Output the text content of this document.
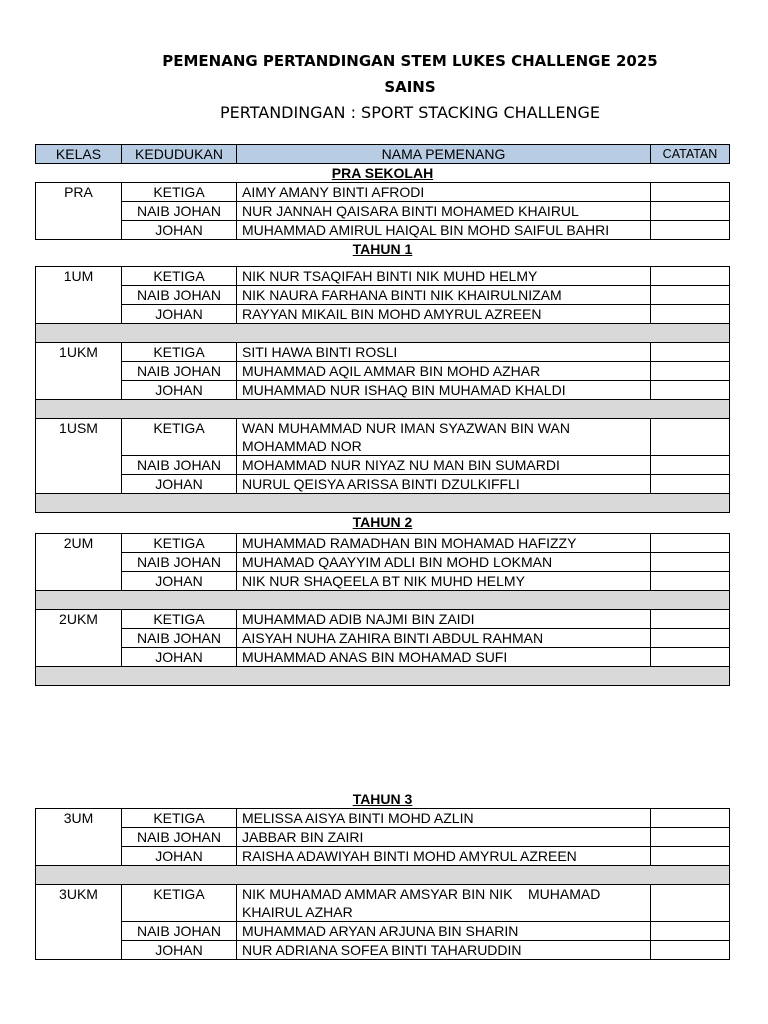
PEMENANG PERTANDINGAN STEM LUKES CHALLENGE 2025
SAINS
PERTANDINGAN : SPORT STACKING CHALLENGE
KELAS	KEDUDUKAN	NAMA PEMENANG	CATATAN
PRA SEKOLAH			
PRA	KETIGA	AIMY AMANY BINTI AFRODI	
	NAIB JOHAN	NUR JANNAH QAISARA BINTI MOHAMED KHAIRUL	
	JOHAN	MUHAMMAD AMIRUL HAIQAL BIN MOHD SAIFUL BAHRI	
TAHUN 1			

1UM	KETIGA	NIK NUR TSAQIFAH BINTI NIK MUHD HELMY	
	NAIB JOHAN	NIK NAURA FARHANA BINTI NIK KHAIRULNIZAM	
	JOHAN	RAYYAN MIKAIL BIN MOHD AMYRUL AZREEN	

1UKM	KETIGA	SITI HAWA BINTI ROSLI	
	NAIB JOHAN	MUHAMMAD AQIL AMMAR BIN MOHD AZHAR	
	JOHAN	MUHAMMAD NUR ISHAQ BIN MUHAMAD KHALDI	

1USM	KETIGA	WAN MUHAMMAD NUR IMAN SYAZWAN BIN WAN MOHAMMAD NOR	
	NAIB JOHAN	MOHAMMAD NUR NIYAZ NU MAN BIN SUMARDI	
	JOHAN	NURUL QEISYA ARISSA BINTI DZULKIFFLI	

TAHUN 2			
2UM	KETIGA	MUHAMMAD RAMADHAN BIN MOHAMAD HAFIZZY	
	NAIB JOHAN	MUHAMAD QAAYYIM ADLI BIN MOHD LOKMAN	
	JOHAN	NIK NUR SHAQEELA BT NIK MUHD HELMY	

2UKM	KETIGA	MUHAMMAD ADIB NAJMI BIN ZAIDI	
	NAIB JOHAN	AISYAH NUHA ZAHIRA BINTI ABDUL RAHMAN	
	JOHAN	MUHAMMAD ANAS BIN MOHAMAD SUFI	

TAHUN 3			
3UM	KETIGA	MELISSA AISYA BINTI MOHD AZLIN	
	NAIB JOHAN	JABBAR BIN ZAIRI	
	JOHAN	RAISHA ADAWIYAH BINTI MOHD AMYRUL AZREEN	

3UKM	KETIGA	NIK MUHAMAD AMMAR AMSYAR BIN NIK    MUHAMAD KHAIRUL AZHAR	
	NAIB JOHAN	MUHAMMAD ARYAN ARJUNA BIN SHARIN	
	JOHAN	NUR ADRIANA SOFEA BINTI TAHARUDDIN	
